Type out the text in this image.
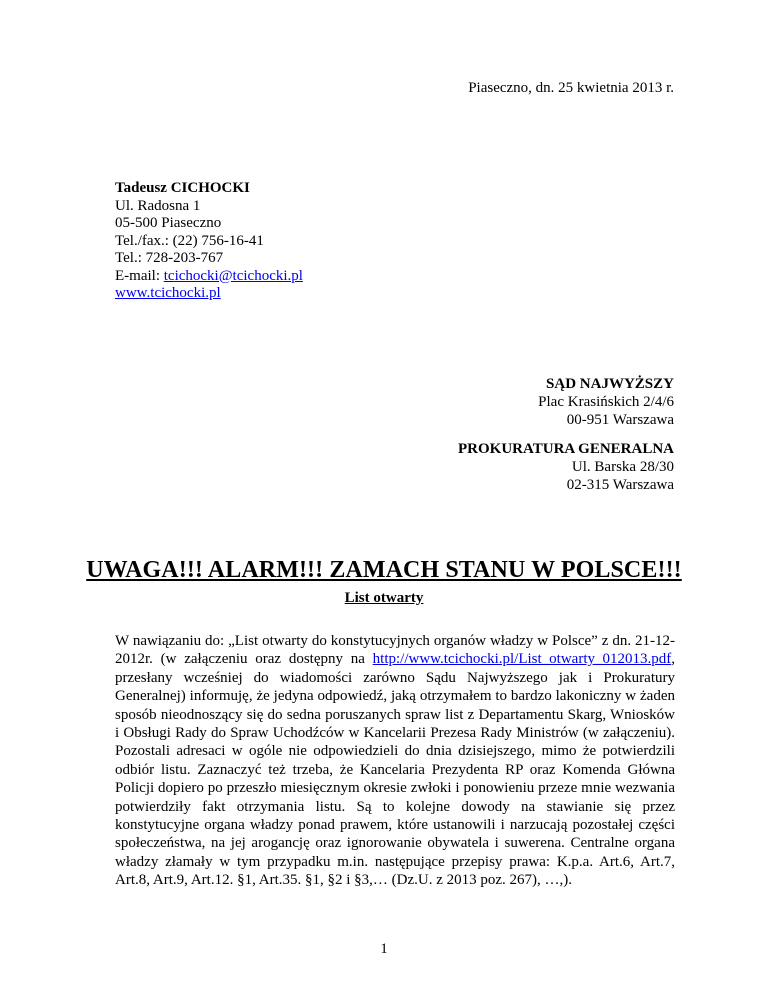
Piaseczno, dn. 25 kwietnia 2013 r.
Tadeusz CICHOCKI
Ul. Radosna 1
05-500 Piaseczno
Tel./fax.: (22) 756-16-41
Tel.: 728-203-767
E-mail: tcichocki@tcichocki.pl
www.tcichocki.pl
SĄD NAJWYŻSZY
Plac Krasińskich 2/4/6
00-951 Warszawa
PROKURATURA GENERALNA
Ul. Barska 28/30
02-315 Warszawa
UWAGA!!! ALARM!!! ZAMACH STANU W POLSCE!!!
List otwarty
W nawiązaniu do: „List otwarty do konstytucyjnych organów władzy w Polsce” z dn. 21-12-2012r. (w załączeniu oraz dostępny na http://www.tcichocki.pl/List_otwarty_012013.pdf, przesłany wcześniej do wiadomości zarówno Sądu Najwyższego jak i Prokuratury Generalnej) informuję, że jedyna odpowiedź, jaką otrzymałem to bardzo lakoniczny w żaden sposób nieodnoszący się do sedna poruszanych spraw list z Departamentu Skarg, Wniosków i Obsługi Rady do Spraw Uchodźców w Kancelarii Prezesa Rady Ministrów (w załączeniu). Pozostali adresaci w ogóle nie odpowiedzieli do dnia dzisiejszego, mimo że potwierdzili odbiór listu. Zaznaczyć też trzeba, że Kancelaria Prezydenta RP oraz Komenda Główna Policji dopiero po przeszło miesięcznym okresie zwłoki i ponowieniu przeze mnie wezwania potwierdziły fakt otrzymania listu. Są to kolejne dowody na stawianie się przez konstytucyjne organa władzy ponad prawem, które ustanowili i narzucają pozostałej części społeczeństwa, na jej arogancję oraz ignorowanie obywatela i suwerena. Centralne organa władzy złamały w tym przypadku m.in. następujące przepisy prawa: K.p.a. Art.6, Art.7, Art.8, Art.9, Art.12. §1, Art.35. §1, §2 i §3,… (Dz.U. z 2013 poz. 267), …,).
1
